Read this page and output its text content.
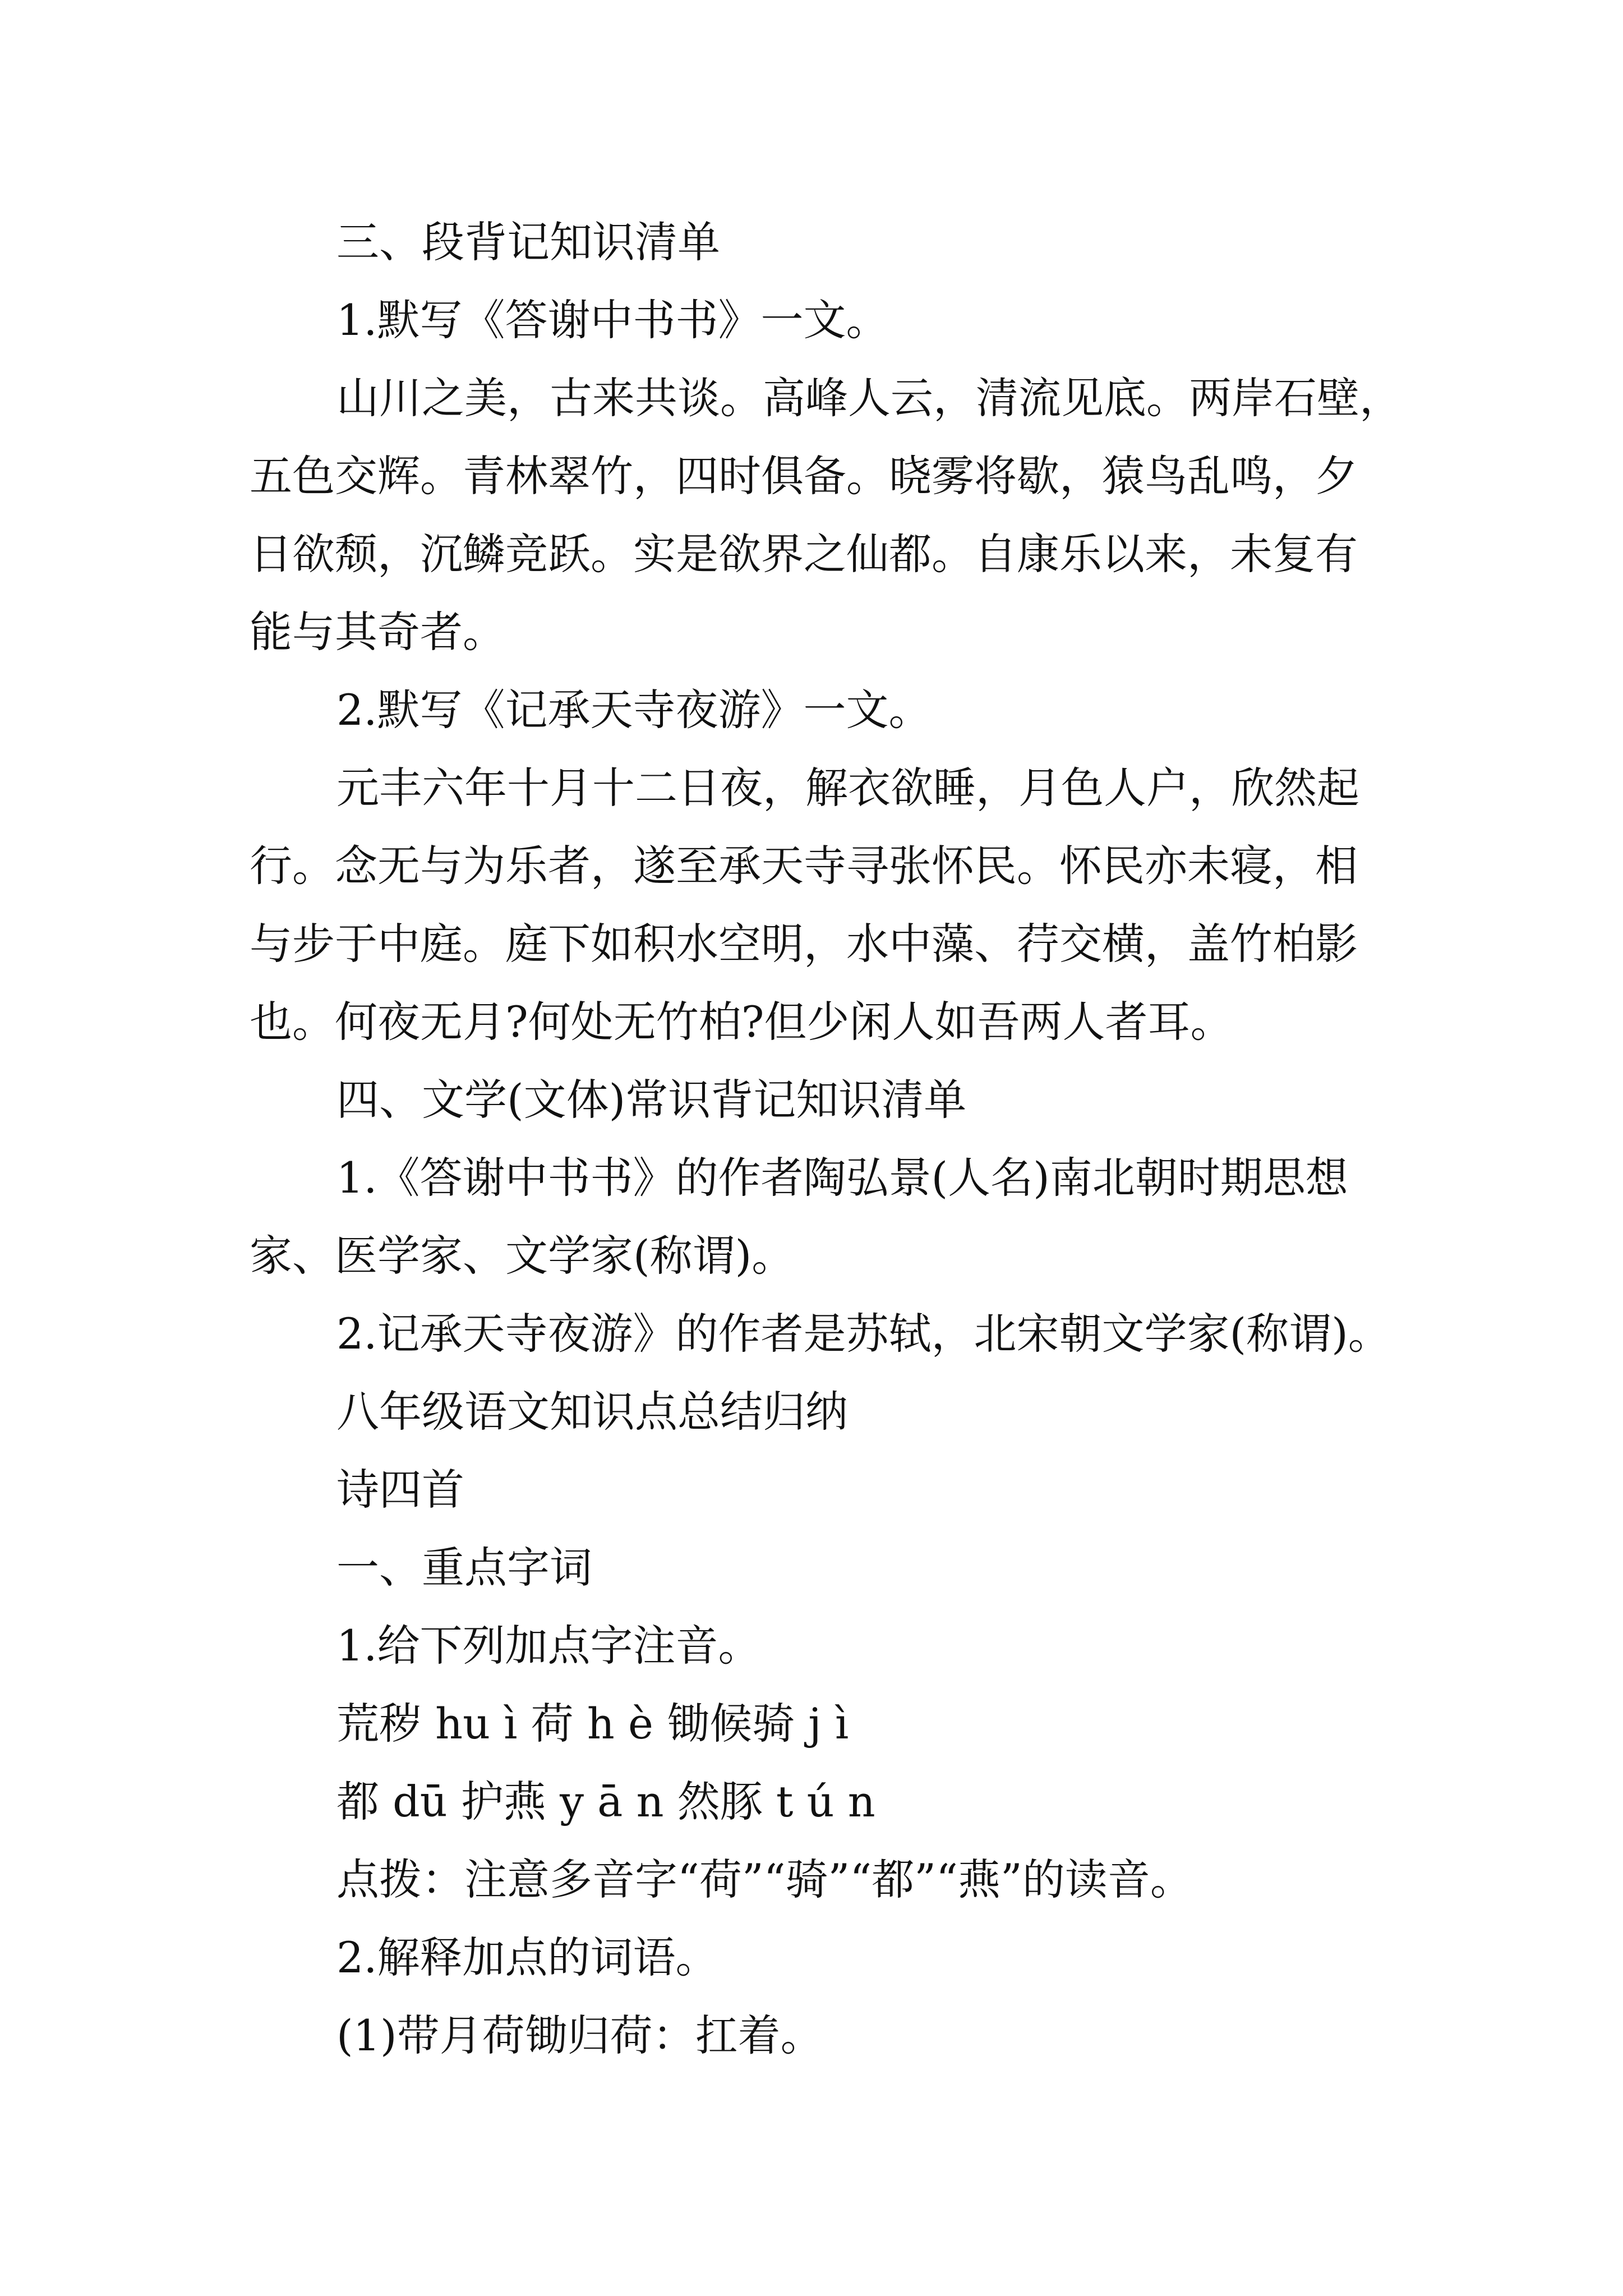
三、段背记知识清单
1.默写《答谢中书书》一文。
山川之美，古来共谈。高峰人云，清流见底。两岸石壁，
五色交辉。青林翠竹，四时俱备。晓雾将歇，猿鸟乱鸣，夕
日欲颓，沉鳞竞跃。实是欲界之仙都。自康乐以来，未复有
能与其奇者。
2.默写《记承天寺夜游》一文。
元丰六年十月十二日夜，解衣欲睡，月色人户，欣然起
行。念无与为乐者，遂至承天寺寻张怀民。怀民亦未寝，相
与步于中庭。庭下如积水空明，水中藻、荇交横，盖竹柏影
也。何夜无月?何处无竹柏?但少闲人如吾两人者耳。
四、文学(文体)常识背记知识清单
1.《答谢中书书》的作者陶弘景(人名)南北朝时期思想
家、医学家、文学家(称谓)。
2.记承天寺夜游》的作者是苏轼，北宋朝文学家(称谓)。
八年级语文知识点总结归纳
诗四首
一、重点字词
1.给下列加点字注音。
荒秽 hu ì 荷 h è 锄候骑 j ì
都 dū 护燕 y ā n 然豚 t ú n
点拨：注意多音字“荷”“骑”“都”“燕”的读音。
2.解释加点的词语。
(1)带月荷锄归荷：扛着。
